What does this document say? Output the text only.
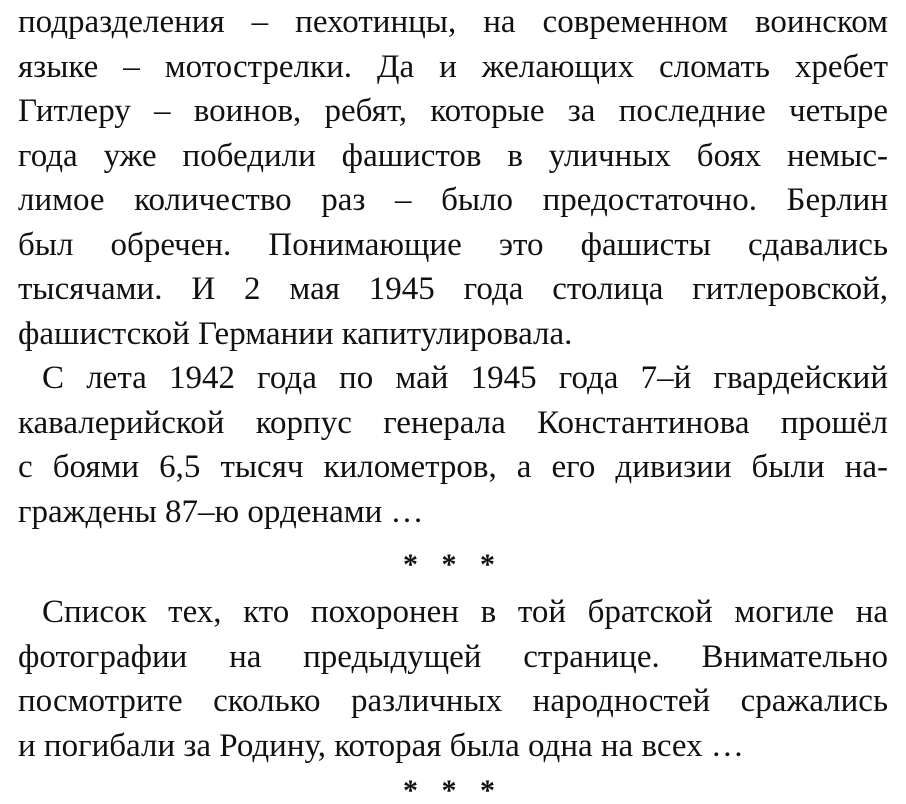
подразделения – пехотинцы, на современном воинском
языке – мотострелки. Да и желающих сломать хребет
Гитлеру – воинов, ребят, которые за последние четыре
года уже победили фашистов в уличных боях немыс-
лимое количество раз – было предостаточно. Берлин
был обречен. Понимающие это фашисты сдавались
тысячами. И 2 мая 1945 года столица гитлеровской,
фашистской Германии капитулировала.
С лета 1942 года по май 1945 года 7–й гвардейский
кавалерийской корпус генерала Константинова прошёл
с боями 6,5 тысяч километров, а его дивизии были на-
граждены 87–ю орденами …
* * *
Список тех, кто похоронен в той братской могиле на
фотографии на предыдущей странице. Внимательно
посмотрите сколько различных народностей сражались
и погибали за Родину, которая была одна на всех …
* * *
